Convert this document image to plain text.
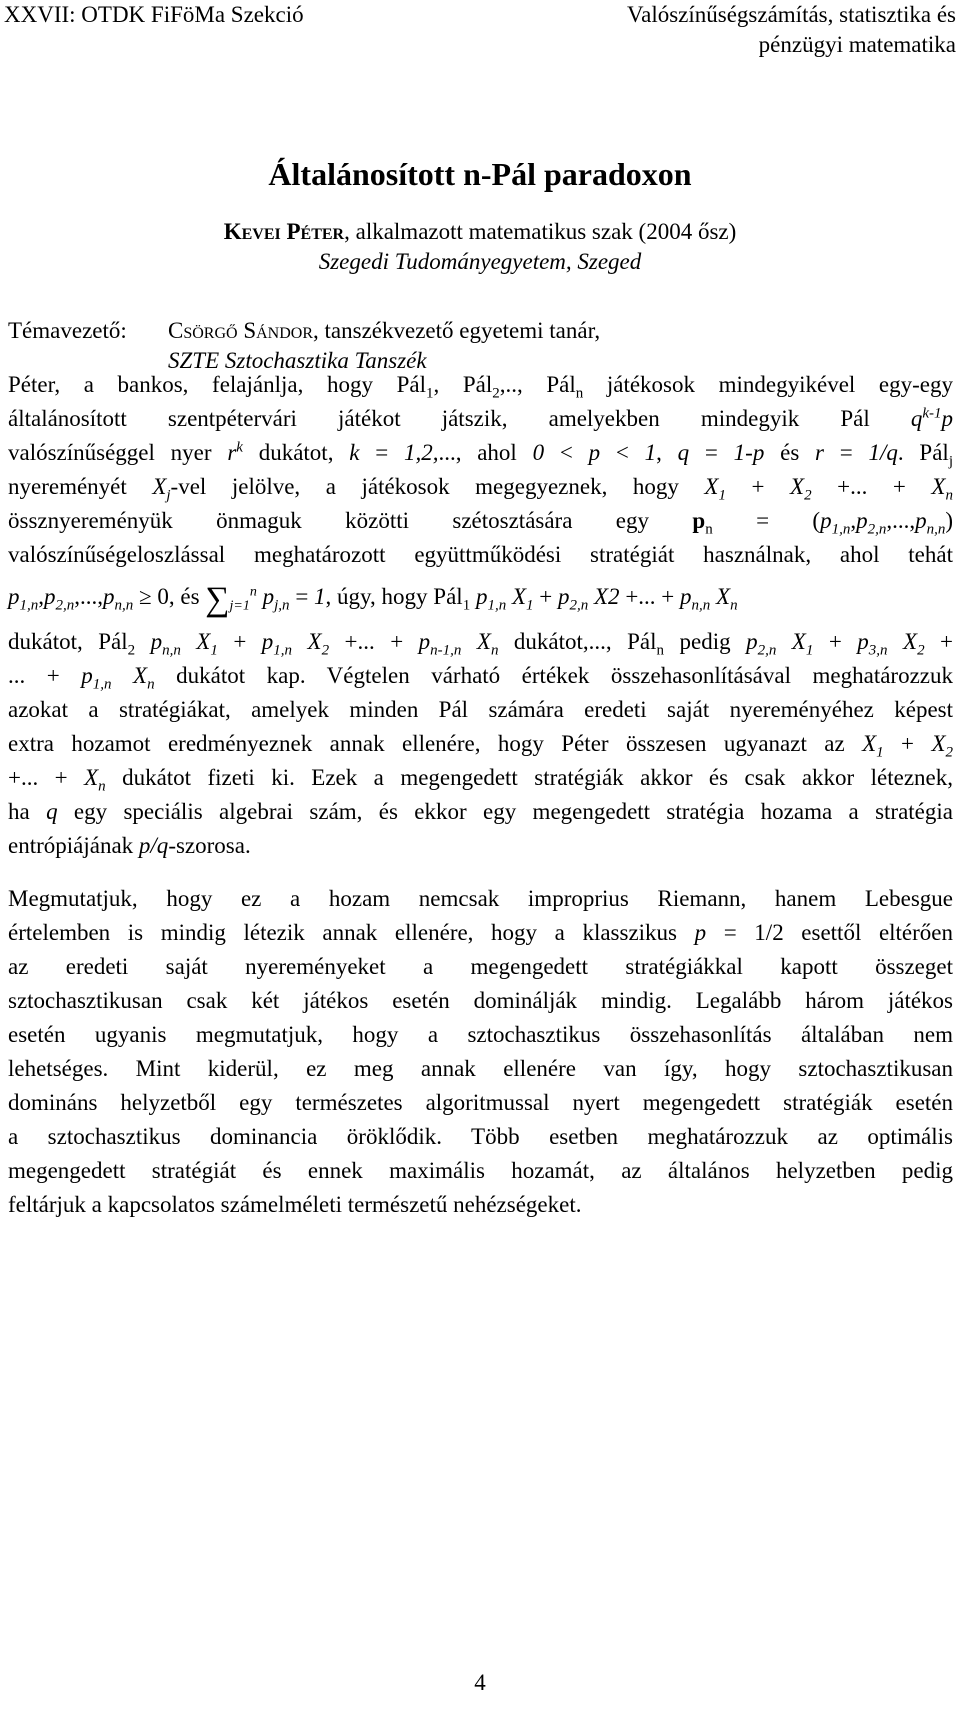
XXVII: OTDK FiFöMa Szekció	Valószínűségszámítás, statisztika és
pénzügyi matematika
Általánosított n-Pál paradoxon
Kevei Péter, alkalmazott matematikus szak (2004 ősz)
Szegedi Tudományegyetem, Szeged
Témavezető:	Csörgő Sándor, tanszékvezető egyetemi tanár,
SZTE Sztochasztika Tanszék
Péter, a bankos, felajánlja, hogy Pál$_1$, Pál$_2$,.., Pál$_n$ játékosok mindegyikével egy-egy
általánosított szentpétervári játékot játszik, amelyekben mindegyik Pál $q^{k-1}p$
valószínűséggel nyer $r^k$ dukátot, k = 1,2,..., ahol 0 < p < 1, q = 1-p és r = 1/q. Pál$_j$
nyereményét $X_j$-vel jelölve, a játékosok megegyeznek, hogy $X_1 + X_2$ +... + $X_n$
össznyereményük önmaguk közötti szétosztására egy $p_n = (p_{1,n},p_{2,n},...,p_{n,n})$
valószínűségeloszlással meghatározott együttműködési stratégiát használnak, ahol tehát
$p_{1,n},p_{2,n},...,p_{n,n} \ge 0$, és $\sum_{j=1}^n$ $p_{j,n} = 1$, úgy, hogy Pál$_1$ $p_{1,n}$ $X_1 + p_{2,n}$ X2 +... + $p_{n,n}$ $X_n$
dukátot, Pál$_2$ $p_{n,n}$ $X_1 + p_{1,n}$ $X_2$ +... + $p_{n-1,n}$ $X_n$ dukátot,..., Pál$_n$ pedig $p_{2,n}$ $X_1 + p_{3,n}$ $X_2$ +
... + $p_{1,n}$ $X_n$ dukátot kap. Végtelen várható értékek összehasonlításával meghatározzuk
azokat a stratégiákat, amelyek minden Pál számára eredeti saját nyereményéhez képest
extra hozamot eredményeznek annak ellenére, hogy Péter összesen ugyanazt az $X_1 + X_2$
+... + $X_n$ dukátot fizeti ki. Ezek a megengedett stratégiák akkor és csak akkor léteznek,
ha q egy speciális algebrai szám, és ekkor egy megengedett stratégia hozama a stratégia
entrópiájának p/q-szorosa.
Megmutatjuk, hogy ez a hozam nemcsak improprius Riemann, hanem Lebesgue
értelemben is mindig létezik annak ellenére, hogy a klasszikus p = 1/2 esettől eltérően
az eredeti saját nyereményeket a megengedett stratégiákkal kapott összeget
sztochasztikusan csak két játékos esetén dominálják mindig. Legalább három játékos
esetén ugyanis megmutatjuk, hogy a sztochasztikus összehasonlítás általában nem
lehetséges. Mint kiderül, ez meg annak ellenére van így, hogy sztochasztikusan
domináns helyzetből egy természetes algoritmussal nyert megengedett stratégiák esetén
a sztochasztikus dominancia öröklődik. Több esetben meghatározzuk az optimális
megengedett stratégiát és ennek maximális hozamát, az általános helyzetben pedig
feltárjuk a kapcsolatos számelméleti természetű nehézségeket.
4
